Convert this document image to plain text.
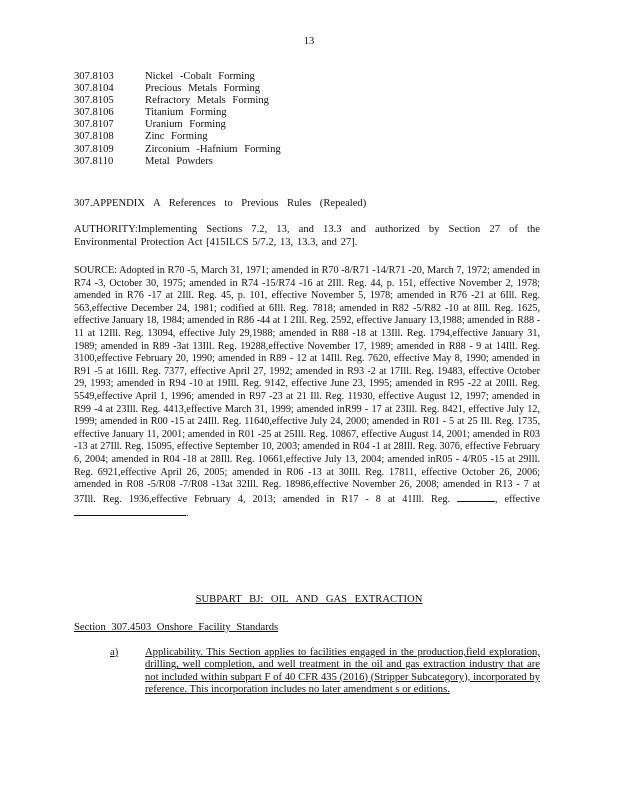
13
307.8103	Nickel -Cobalt Forming
307.8104	Precious Metals Forming
307.8105	Refractory Metals Forming
307.8106	Titanium Forming
307.8107	Uranium Forming
307.8108	Zinc Forming
307.8109	Zirconium -Hafnium Forming
307.8110	Metal Powders
307.APPENDIX A References to Previous Rules (Repealed)
AUTHORITY:Implementing Sections 7.2, 13, and 13.3 and authorized by Section 27 of the Environmental Protection Act [415ILCS 5/7.2, 13, 13.3, and 27].
SOURCE: Adopted in R70 -5, March 31, 1971; amended in R70 -8/R71 -14/R71 -20, March 7, 1972; amended in R74 -3, October 30, 1975; amended in R74 -15/R74 -16 at 2Ill. Reg. 44, p. 151, effective November 2, 1978; amended in R76 -17 at 2Ill. Reg. 45, p. 101, effective November 5, 1978; amended in R76 -21 at 6Ill. Reg. 563,effective December 24, 1981; codified at 6Ill. Reg. 7818; amended in R82 -5/R82 -10 at 8Ill. Reg. 1625, effective January 18, 1984; amended in R86 -44 at 1 2Ill. Reg. 2592, effective January 13,1988; amended in R88 - 11 at 12Ill. Reg. 13094, effective July 29,1988; amended in R88 -18 at 13Ill. Reg. 1794,effective January 31, 1989; amended in R89 -3at 13Ill. Reg. 19288,effective November 17, 1989; amended in R88 - 9 at 14Ill. Reg. 3100,effective February 20, 1990; amended in R89 - 12 at 14Ill. Reg. 7620, effective May 8, 1990; amended in R91 -5 at 16Ill. Reg. 7377, effective April 27, 1992; amended in R93 -2 at 17Ill. Reg. 19483, effective October 29, 1993; amended in R94 -10 at 19Ill. Reg. 9142, effective June 23, 1995; amended in R95 -22 at 20Ill. Reg. 5549,effective April 1, 1996; amended in R97 -23 at 21 Ill. Reg. 11930, effective August 12, 1997; amended in R99 -4 at 23Ill. Reg. 4413,effective March 31, 1999; amended inR99 - 17 at 23Ill. Reg. 8421, effective July 12, 1999; amended in R00 -15 at 24Ill. Reg. 11640,effective July 24, 2000; amended in R01 - 5 at 25 Ill. Reg. 1735, effective January 11, 2001; amended in R01 -25 at 25Ill. Reg. 10867, effective August 14, 2001; amended in R03 -13 at 27Ill. Reg. 15095, effective September 10, 2003; amended in R04 -1 at 28Ill. Reg. 3076, effective February 6, 2004; amended in R04 -18 at 28Ill. Reg. 10661,effective July 13, 2004; amended inR05 - 4/R05 -15 at 29Ill. Reg. 6921,effective April 26, 2005; amended in R06 -13 at 30Ill. Reg. 17811, effective October 26, 2006; amended in R08 -5/R08 -7/R08 -13at 32Ill. Reg. 18986,effective November 26, 2008; amended in R13 - 7 at 37Ill. Reg. 1936,effective February 4, 2013; amended in R17 - 8 at 41Ill. Reg.	, effective .
SUBPART BJ: OIL AND GAS EXTRACTION
Section 307.4503 Onshore Facility Standards
a)	Applicability. This Section applies to facilities engaged in the production,field exploration, drilling, well completion, and well treatment in the oil and gas extraction industry that are not included within subpart F of 40 CFR 435 (2016) (Stripper Subcategory), incorporated by reference. This incorporation includes no later amendment s or editions.
